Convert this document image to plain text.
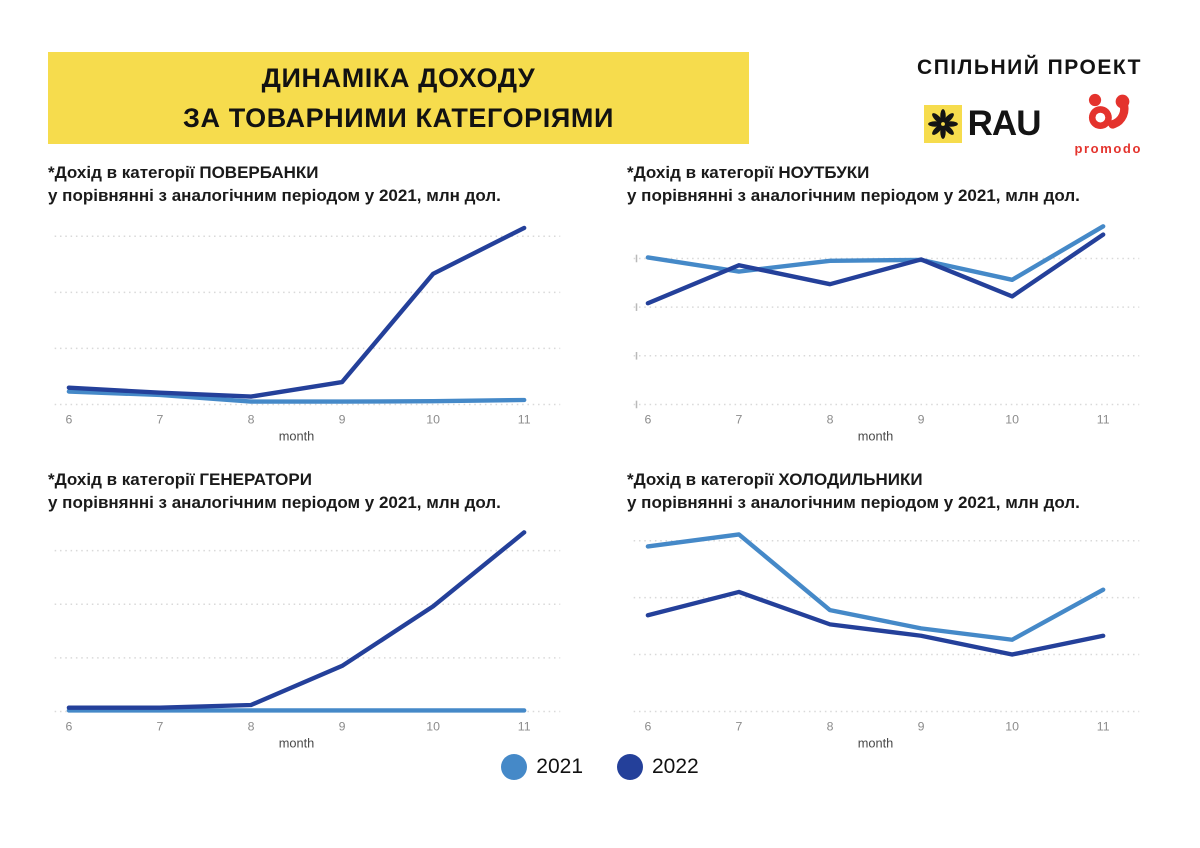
ДИНАМІКА ДОХОДУ
ЗА ТОВАРНИМИ КАТЕГОРІЯМИ
СПІЛЬНИЙ ПРОЕКТ
RAU
promodo
*Дохід в категорії ПОВЕРБАНКИ
у порівнянні з аналогічним періодом у 2021, млн дол.
6	7	8	9	10	11
month
*Дохід в категорії НОУТБУКИ
у порівнянні з аналогічним періодом у 2021, млн дол.
6	7	8	9	10	11
month
*Дохід в категорії ГЕНЕРАТОРИ
у порівнянні з аналогічним періодом у 2021, млн дол.
6	7	8	9	10	11
month
*Дохід в категорії ХОЛОДИЛЬНИКИ
у порівнянні з аналогічним періодом у 2021, млн дол.
6	7	8	9	10	11
month
2021	2022
